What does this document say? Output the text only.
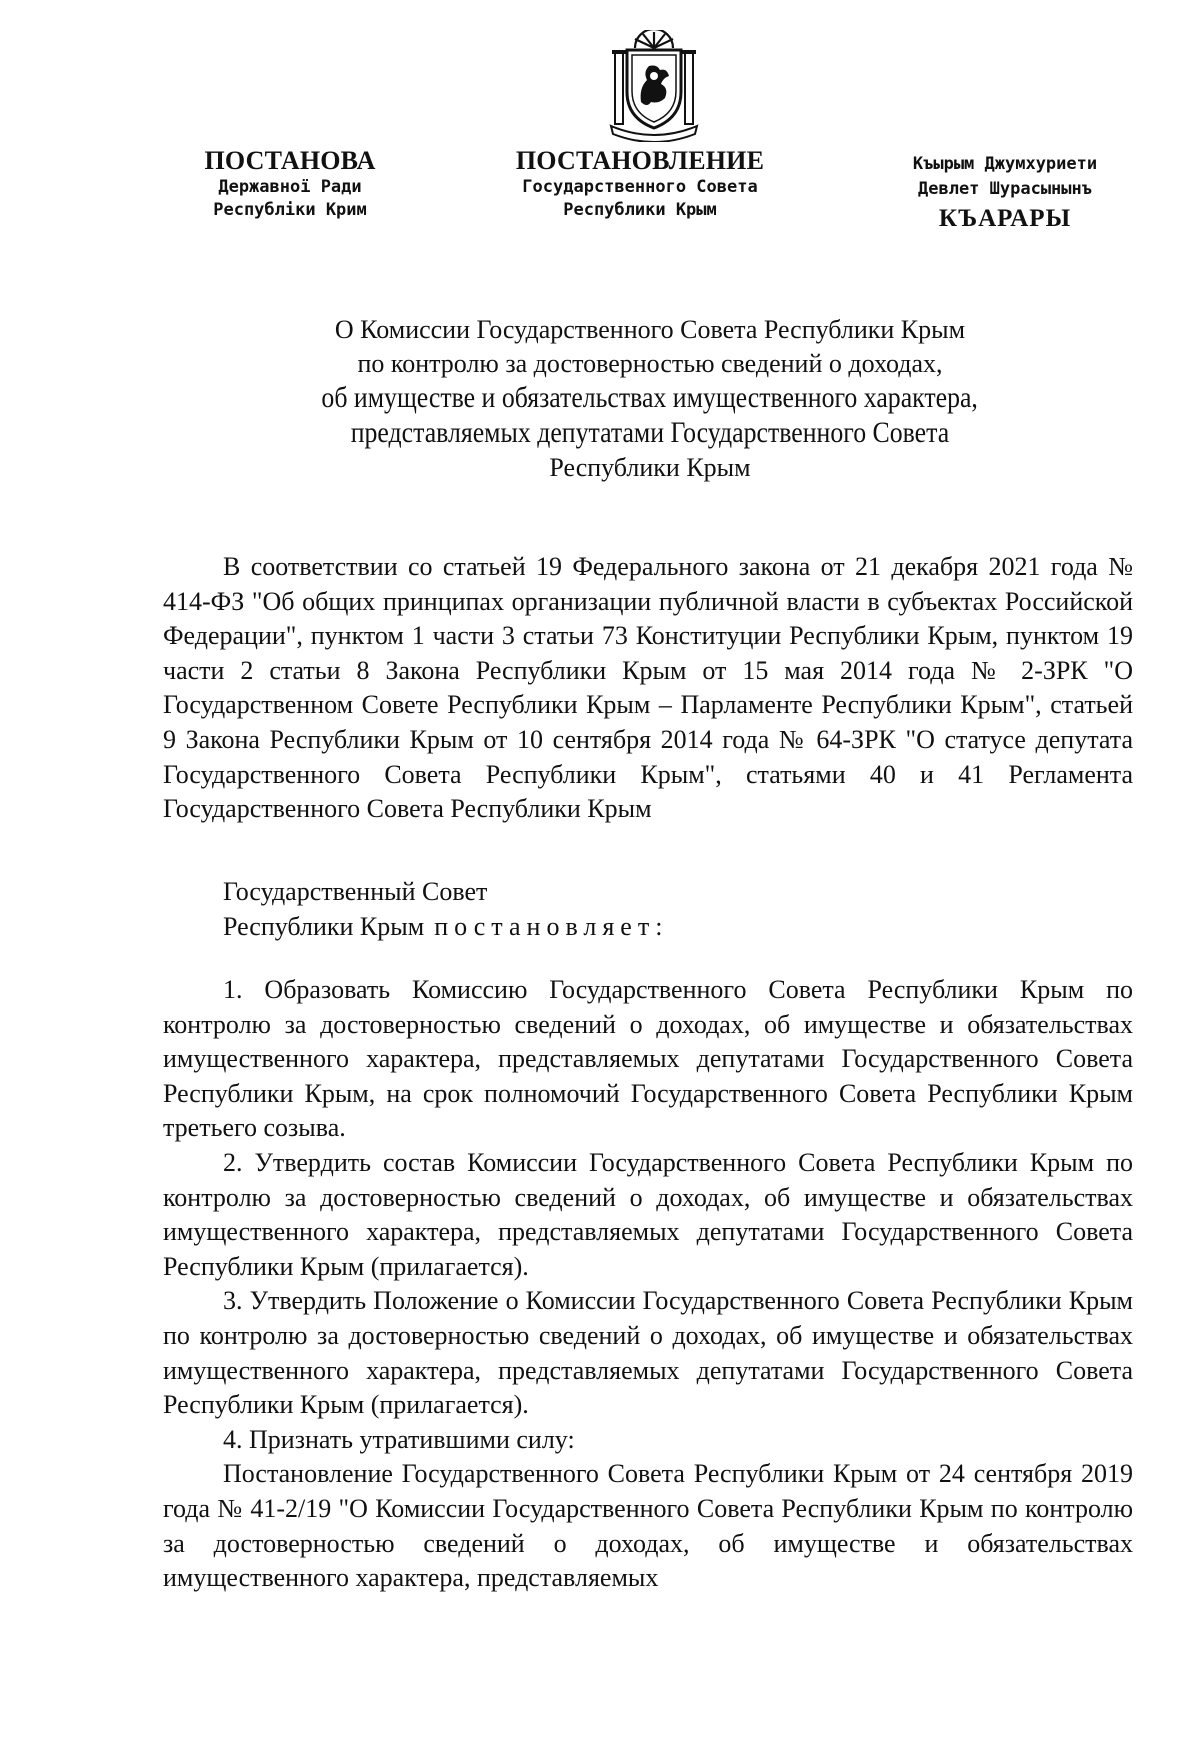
ПОСТАНОВА
Державної Ради
Республіки Крим
ПОСТАНОВЛЕНИЕ
Государственного Совета
Республики Крым
Къырым Джумхуриети
Девлет Шурасынынъ
КЪАРАРЫ
О Комиссии Государственного Совета Республики Крым
по контролю за достоверностью сведений о доходах,
об имуществе и обязательствах имущественного характера,
представляемых депутатами Государственного Совета
Республики Крым

В соответствии со статьей 19 Федерального закона от 21 декабря 2021 года № 414-ФЗ "Об общих принципах организации публичной власти в субъектах Российской Федерации", пунктом 1 части 3 статьи 73 Конституции Республики Крым, пунктом 19 части 2 статьи 8 Закона Республики Крым от 15 мая 2014 года № 2-ЗРК "О Государственном Совете Республики Крым – Парламенте Республики Крым", статьей 9 Закона Республики Крым от 10 сентября 2014 года № 64-ЗРК "О статусе депутата Государственного Совета Республики Крым", статьями 40 и 41 Регламента Государственного Совета Республики Крым

Государственный Совет
Республики Крым постановляет:

1. Образовать Комиссию Государственного Совета Республики Крым по контролю за достоверностью сведений о доходах, об имуществе и обязательствах имущественного характера, представляемых депутатами Государственного Совета Республики Крым, на срок полномочий Государственного Совета Республики Крым третьего созыва.

2. Утвердить состав Комиссии Государственного Совета Республики Крым по контролю за достоверностью сведений о доходах, об имуществе и обязательствах имущественного характера, представляемых депутатами Государственного Совета Республики Крым (прилагается).

3. Утвердить Положение о Комиссии Государственного Совета Республики Крым по контролю за достоверностью сведений о доходах, об имуществе и обязательствах имущественного характера, представляемых депутатами Государственного Совета Республики Крым (прилагается).

4. Признать утратившими силу:

Постановление Государственного Совета Республики Крым от 24 сентября 2019 года № 41-2/19 "О Комиссии Государственного Совета Республики Крым по контролю за достоверностью сведений о доходах, об имуществе и обязательствах имущественного характера, представляемых
